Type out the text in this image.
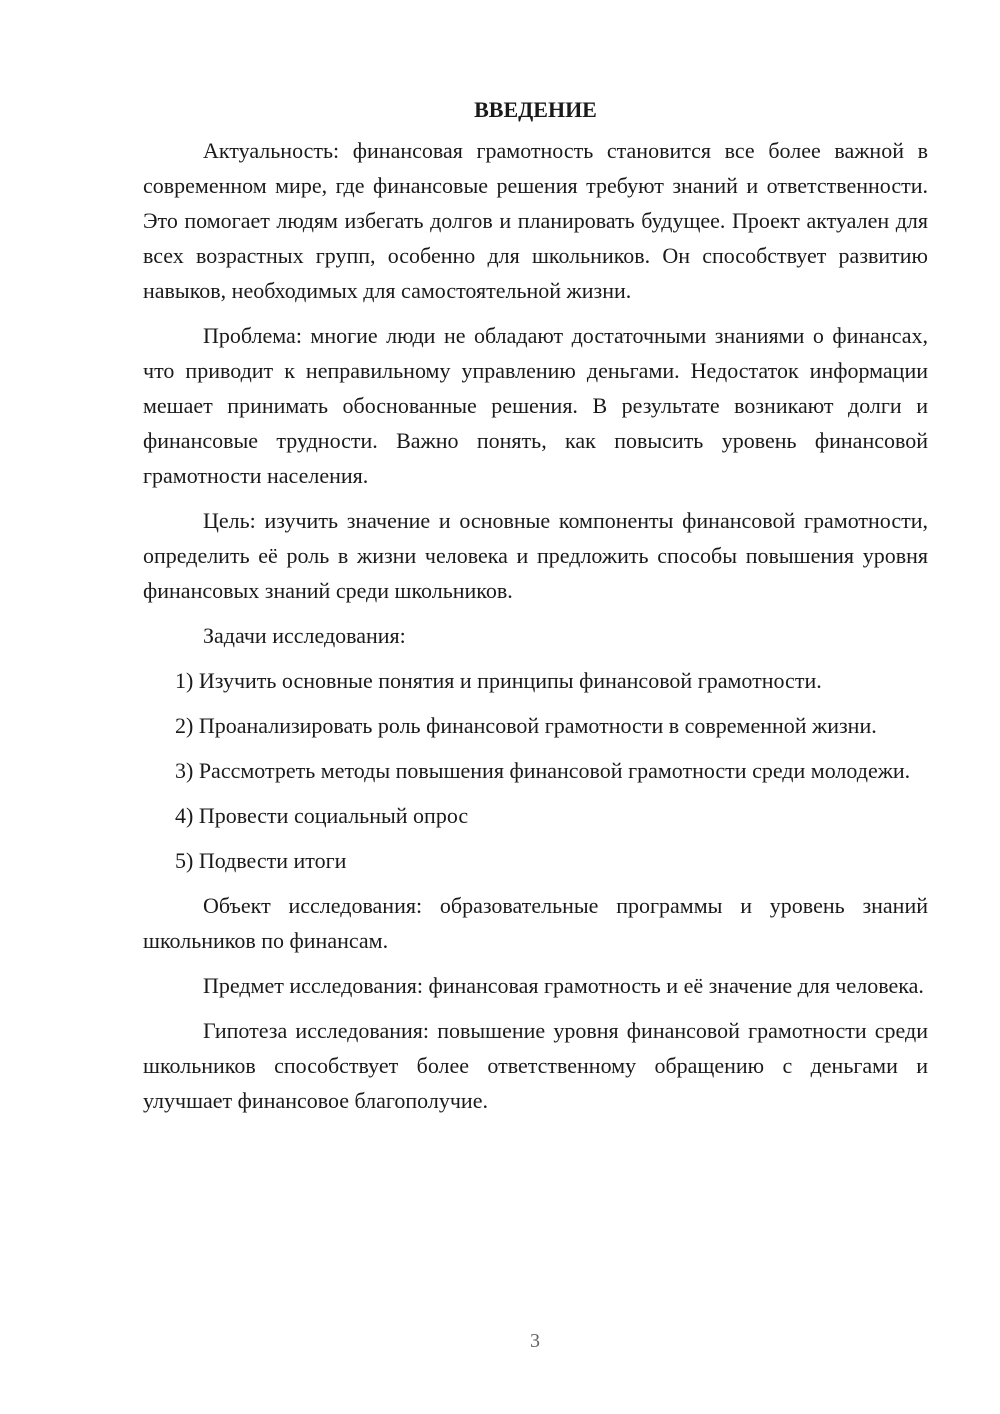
ВВЕДЕНИЕ

Актуальность: финансовая грамотность становится все более важной в современном мире, где финансовые решения требуют знаний и ответственности. Это помогает людям избегать долгов и планировать будущее. Проект актуален для всех возрастных групп, особенно для школьников. Он способствует развитию навыков, необходимых для самостоятельной жизни.

Проблема: многие люди не обладают достаточными знаниями о финансах, что приводит к неправильному управлению деньгами. Недостаток информации мешает принимать обоснованные решения. В результате возникают долги и финансовые трудности. Важно понять, как повысить уровень финансовой грамотности населения.

Цель: изучить значение и основные компоненты финансовой грамотности, определить её роль в жизни человека и предложить способы повышения уровня финансовых знаний среди школьников.

Задачи исследования:

1) Изучить основные понятия и принципы финансовой грамотности.

2) Проанализировать роль финансовой грамотности в современной жизни.

3) Рассмотреть методы повышения финансовой грамотности среди молодежи.

4) Провести социальный опрос

5) Подвести итоги

Объект исследования: образовательные программы и уровень знаний школьников по финансам.

Предмет исследования: финансовая грамотность и её значение для человека.

Гипотеза исследования: повышение уровня финансовой грамотности среди школьников способствует более ответственному обращению с деньгами и улучшает финансовое благополучие.

3
